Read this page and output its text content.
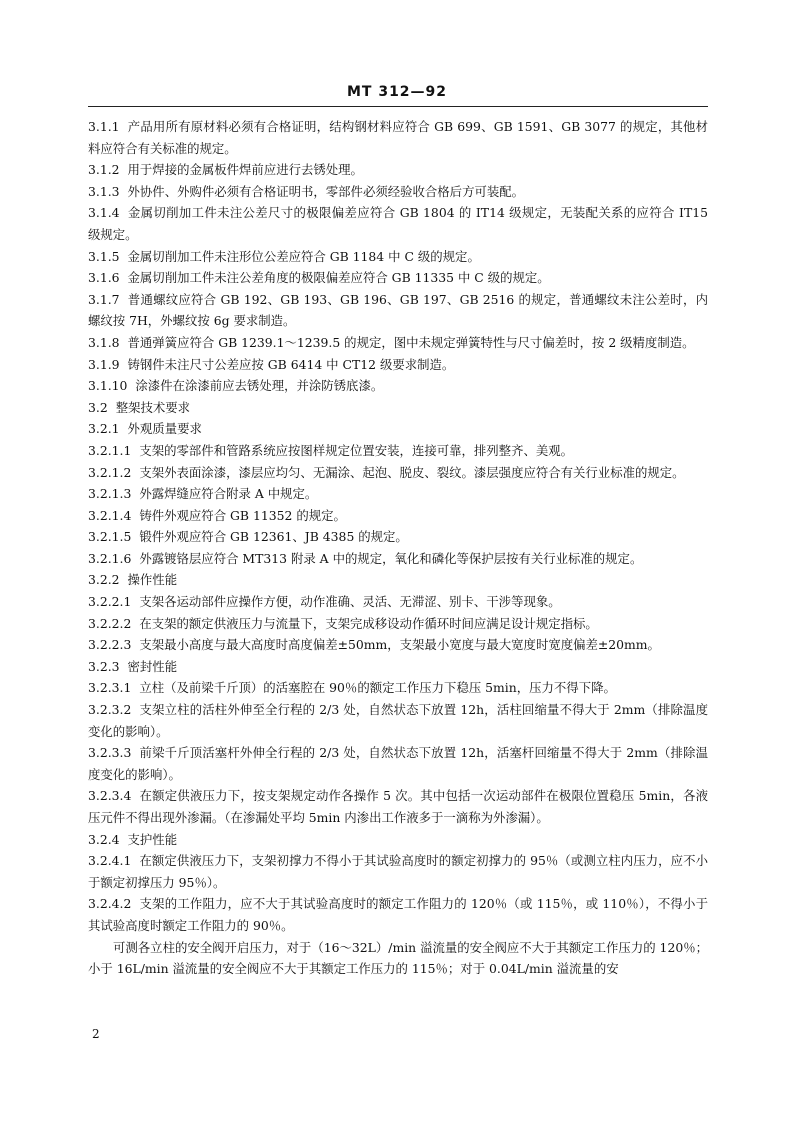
MT 312—92

3.1.1 产品用所有原材料必须有合格证明，结构钢材料应符合 GB 699、GB 1591、GB 3077 的规定，其他材料应符合有关标准的规定。

3.1.2 用于焊接的金属板件焊前应进行去锈处理。

3.1.3 外协件、外购件必须有合格证明书，零部件必须经验收合格后方可装配。

3.1.4 金属切削加工件未注公差尺寸的极限偏差应符合 GB 1804 的 IT14 级规定，无装配关系的应符合 IT15 级规定。

3.1.5 金属切削加工件未注形位公差应符合 GB 1184 中 C 级的规定。

3.1.6 金属切削加工件未注公差角度的极限偏差应符合 GB 11335 中 C 级的规定。

3.1.7 普通螺纹应符合 GB 192、GB 193、GB 196、GB 197、GB 2516 的规定，普通螺纹未注公差时，内螺纹按 7H，外螺纹按 6g 要求制造。

3.1.8 普通弹簧应符合 GB 1239.1～1239.5 的规定，图中未规定弹簧特性与尺寸偏差时，按 2 级精度制造。

3.1.9 铸钢件未注尺寸公差应按 GB 6414 中 CT12 级要求制造。

3.1.10 涂漆件在涂漆前应去锈处理，并涂防锈底漆。

3.2 整架技术要求

3.2.1 外观质量要求

3.2.1.1 支架的零部件和管路系统应按图样规定位置安装，连接可靠，排列整齐、美观。

3.2.1.2 支架外表面涂漆，漆层应均匀、无漏涂、起泡、脱皮、裂纹。漆层强度应符合有关行业标准的规定。

3.2.1.3 外露焊缝应符合附录 A 中规定。

3.2.1.4 铸件外观应符合 GB 11352 的规定。

3.2.1.5 锻件外观应符合 GB 12361、JB 4385 的规定。

3.2.1.6 外露镀铬层应符合 MT313 附录 A 中的规定，氧化和磷化等保护层按有关行业标准的规定。

3.2.2 操作性能

3.2.2.1 支架各运动部件应操作方便，动作准确、灵活、无滞涩、别卡、干涉等现象。

3.2.2.2 在支架的额定供液压力与流量下，支架完成移设动作循环时间应满足设计规定指标。

3.2.2.3 支架最小高度与最大高度时高度偏差±50mm，支架最小宽度与最大宽度时宽度偏差±20mm。

3.2.3 密封性能

3.2.3.1 立柱（及前梁千斤顶）的活塞腔在 90％的额定工作压力下稳压 5min，压力不得下降。

3.2.3.2 支架立柱的活柱外伸至全行程的 2/3 处，自然状态下放置 12h，活柱回缩量不得大于 2mm（排除温度变化的影响）。

3.2.3.3 前梁千斤顶活塞杆外伸全行程的 2/3 处，自然状态下放置 12h，活塞杆回缩量不得大于 2mm（排除温度变化的影响）。

3.2.3.4 在额定供液压力下，按支架规定动作各操作 5 次。其中包括一次运动部件在极限位置稳压 5min，各液压元件不得出现外渗漏。（在渗漏处平均 5min 内渗出工作液多于一滴称为外渗漏）。

3.2.4 支护性能

3.2.4.1 在额定供液压力下，支架初撑力不得小于其试验高度时的额定初撑力的 95％（或测立柱内压力，应不小于额定初撑压力 95％）。

3.2.4.2 支架的工作阻力，应不大于其试验高度时的额定工作阻力的 120％（或 115％，或 110％），不得小于其试验高度时额定工作阻力的 90％。

可测各立柱的安全阀开启压力，对于（16～32L）/min 溢流量的安全阀应不大于其额定工作压力的 120％；小于 16L/min 溢流量的安全阀应不大于其额定工作压力的 115％；对于 0.04L/min 溢流量的安

2
